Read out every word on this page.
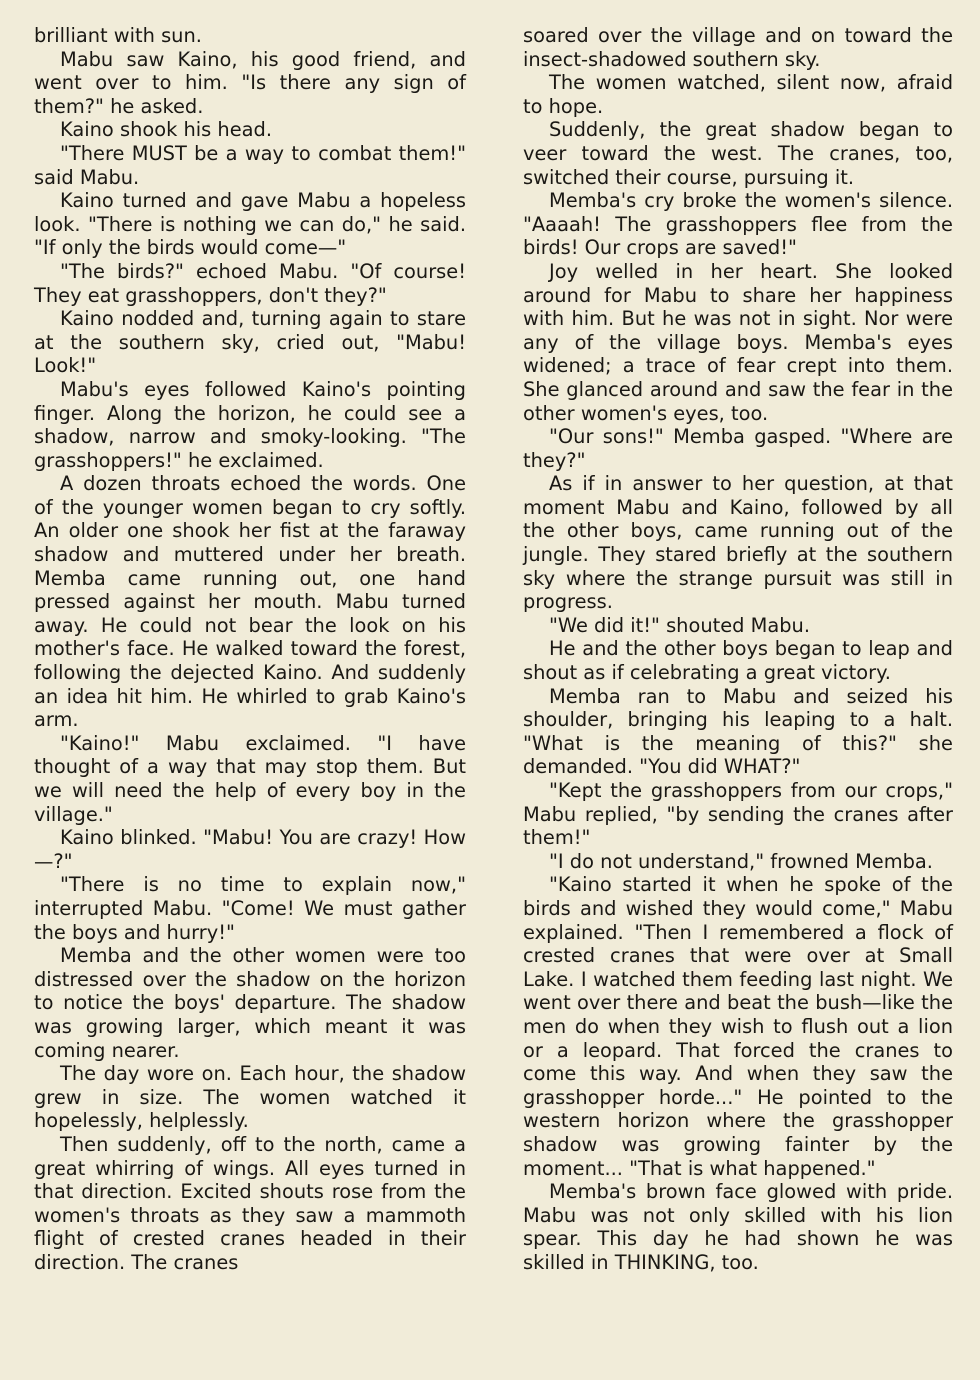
brilliant with sun.

Mabu saw Kaino, his good friend, and went over to him. "Is there any sign of them?" he asked.

Kaino shook his head.

"There MUST be a way to combat them!" said Mabu.

Kaino turned and gave Mabu a hopeless look. "There is nothing we can do," he said. "If only the birds would come—"

"The birds?" echoed Mabu. "Of course! They eat grasshoppers, don't they?"

Kaino nodded and, turning again to stare at the southern sky, cried out, "Mabu! Look!"

Mabu's eyes followed Kaino's pointing finger. Along the horizon, he could see a shadow, narrow and smoky-looking. "The grasshoppers!" he exclaimed.

A dozen throats echoed the words. One of the younger women began to cry softly. An older one shook her fist at the faraway shadow and muttered under her breath. Memba came running out, one hand pressed against her mouth. Mabu turned away. He could not bear the look on his mother's face. He walked toward the forest, following the dejected Kaino. And suddenly an idea hit him. He whirled to grab Kaino's arm.

"Kaino!" Mabu exclaimed. "I have thought of a way that may stop them. But we will need the help of every boy in the village."

Kaino blinked. "Mabu! You are crazy! How—?"

"There is no time to explain now," interrupted Mabu. "Come! We must gather the boys and hurry!"

Memba and the other women were too distressed over the shadow on the horizon to notice the boys' departure. The shadow was growing larger, which meant it was coming nearer.

The day wore on. Each hour, the shadow grew in size. The women watched it hopelessly, helplessly.

Then suddenly, off to the north, came a great whirring of wings. All eyes turned in that direction. Excited shouts rose from the women's throats as they saw a mammoth flight of crested cranes headed in their direction. The cranes

soared over the village and on toward the insect-shadowed southern sky.

The women watched, silent now, afraid to hope.

Suddenly, the great shadow began to veer toward the west. The cranes, too, switched their course, pursuing it.

Memba's cry broke the women's silence. "Aaaah! The grasshoppers flee from the birds! Our crops are saved!"

Joy welled in her heart. She looked around for Mabu to share her happiness with him. But he was not in sight. Nor were any of the village boys. Memba's eyes widened; a trace of fear crept into them. She glanced around and saw the fear in the other women's eyes, too.

"Our sons!" Memba gasped. "Where are they?"

As if in answer to her question, at that moment Mabu and Kaino, followed by all the other boys, came running out of the jungle. They stared briefly at the southern sky where the strange pursuit was still in progress.

"We did it!" shouted Mabu.

He and the other boys began to leap and shout as if celebrating a great victory.

Memba ran to Mabu and seized his shoulder, bringing his leaping to a halt. "What is the meaning of this?" she demanded. "You did WHAT?"

"Kept the grasshoppers from our crops," Mabu replied, "by sending the cranes after them!"

"I do not understand," frowned Memba.

"Kaino started it when he spoke of the birds and wished they would come," Mabu explained. "Then I remembered a flock of crested cranes that were over at Small Lake. I watched them feeding last night. We went over there and beat the bush—like the men do when they wish to flush out a lion or a leopard. That forced the cranes to come this way. And when they saw the grasshopper horde..." He pointed to the western horizon where the grasshopper shadow was growing fainter by the moment... "That is what happened."

Memba's brown face glowed with pride. Mabu was not only skilled with his lion spear. This day he had shown he was skilled in THINKING, too.
